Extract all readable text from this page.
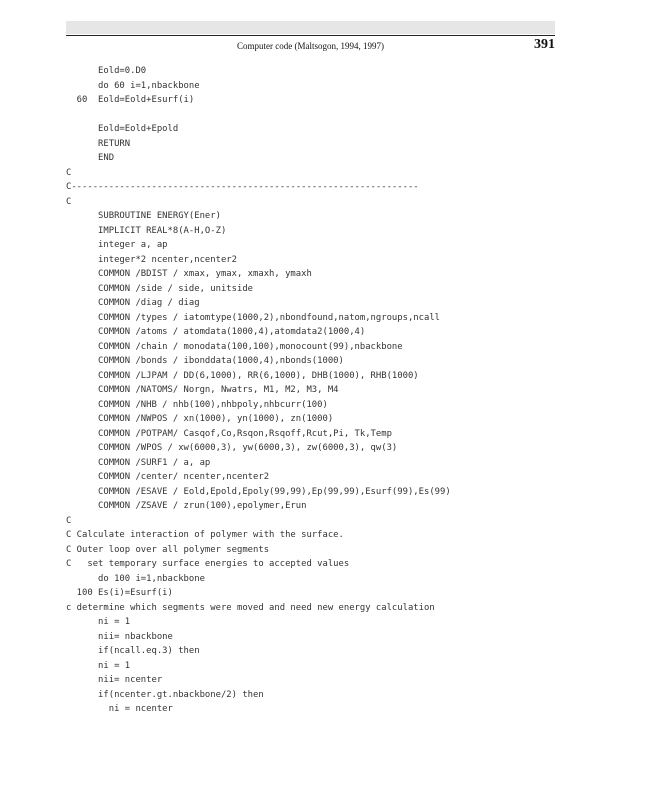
Computer code (Maltsogon, 1994, 1997)	391
Eold=0.D0
do 60 i=1,nbackbone
60  Eold=Eold+Esurf(i)
Eold=Eold+Epold
RETURN
END
C
C-----------------------------------------------------------------
C
SUBROUTINE ENERGY(Ener)
IMPLICIT REAL*8(A-H,O-Z)
integer a, ap
integer*2 ncenter,ncenter2
COMMON /BDIST / xmax, ymax, xmaxh, ymaxh
COMMON /side / side, unitside
COMMON /diag / diag
COMMON /types / iatomtype(1000,2),nbondfound,natom,ngroups,ncall
COMMON /atoms / atomdata(1000,4),atomdata2(1000,4)
COMMON /chain / monodata(100,100),monocount(99),nbackbone
COMMON /bonds / ibonddata(1000,4),nbonds(1000)
COMMON /LJPAM / DD(6,1000), RR(6,1000), DHB(1000), RHB(1000)
COMMON /NATOMS/ Norgn, Nwatrs, M1, M2, M3, M4
COMMON /NHB / nhb(100),nhbpoly,nhbcurr(100)
COMMON /NWPOS / xn(1000), yn(1000), zn(1000)
COMMON /POTPAM/ Casqof,Co,Rsqon,Rsqoff,Rcut,Pi, Tk,Temp
COMMON /WPOS / xw(6000,3), yw(6000,3), zw(6000,3), qw(3)
COMMON /SURF1 / a, ap
COMMON /center/ ncenter,ncenter2
COMMON /ESAVE / Eold,Epold,Epoly(99,99),Ep(99,99),Esurf(99),Es(99)
COMMON /ZSAVE / zrun(100),epolymer,Erun
C
C Calculate interaction of polymer with the surface.
C Outer loop over all polymer segments
C   set temporary surface energies to accepted values
do 100 i=1,nbackbone
100 Es(i)=Esurf(i)
c determine which segments were moved and need new energy calculation
ni = 1
nii= nbackbone
if(ncall.eq.3) then
ni = 1
nii= ncenter
if(ncenter.gt.nbackbone/2) then
ni = ncenter
